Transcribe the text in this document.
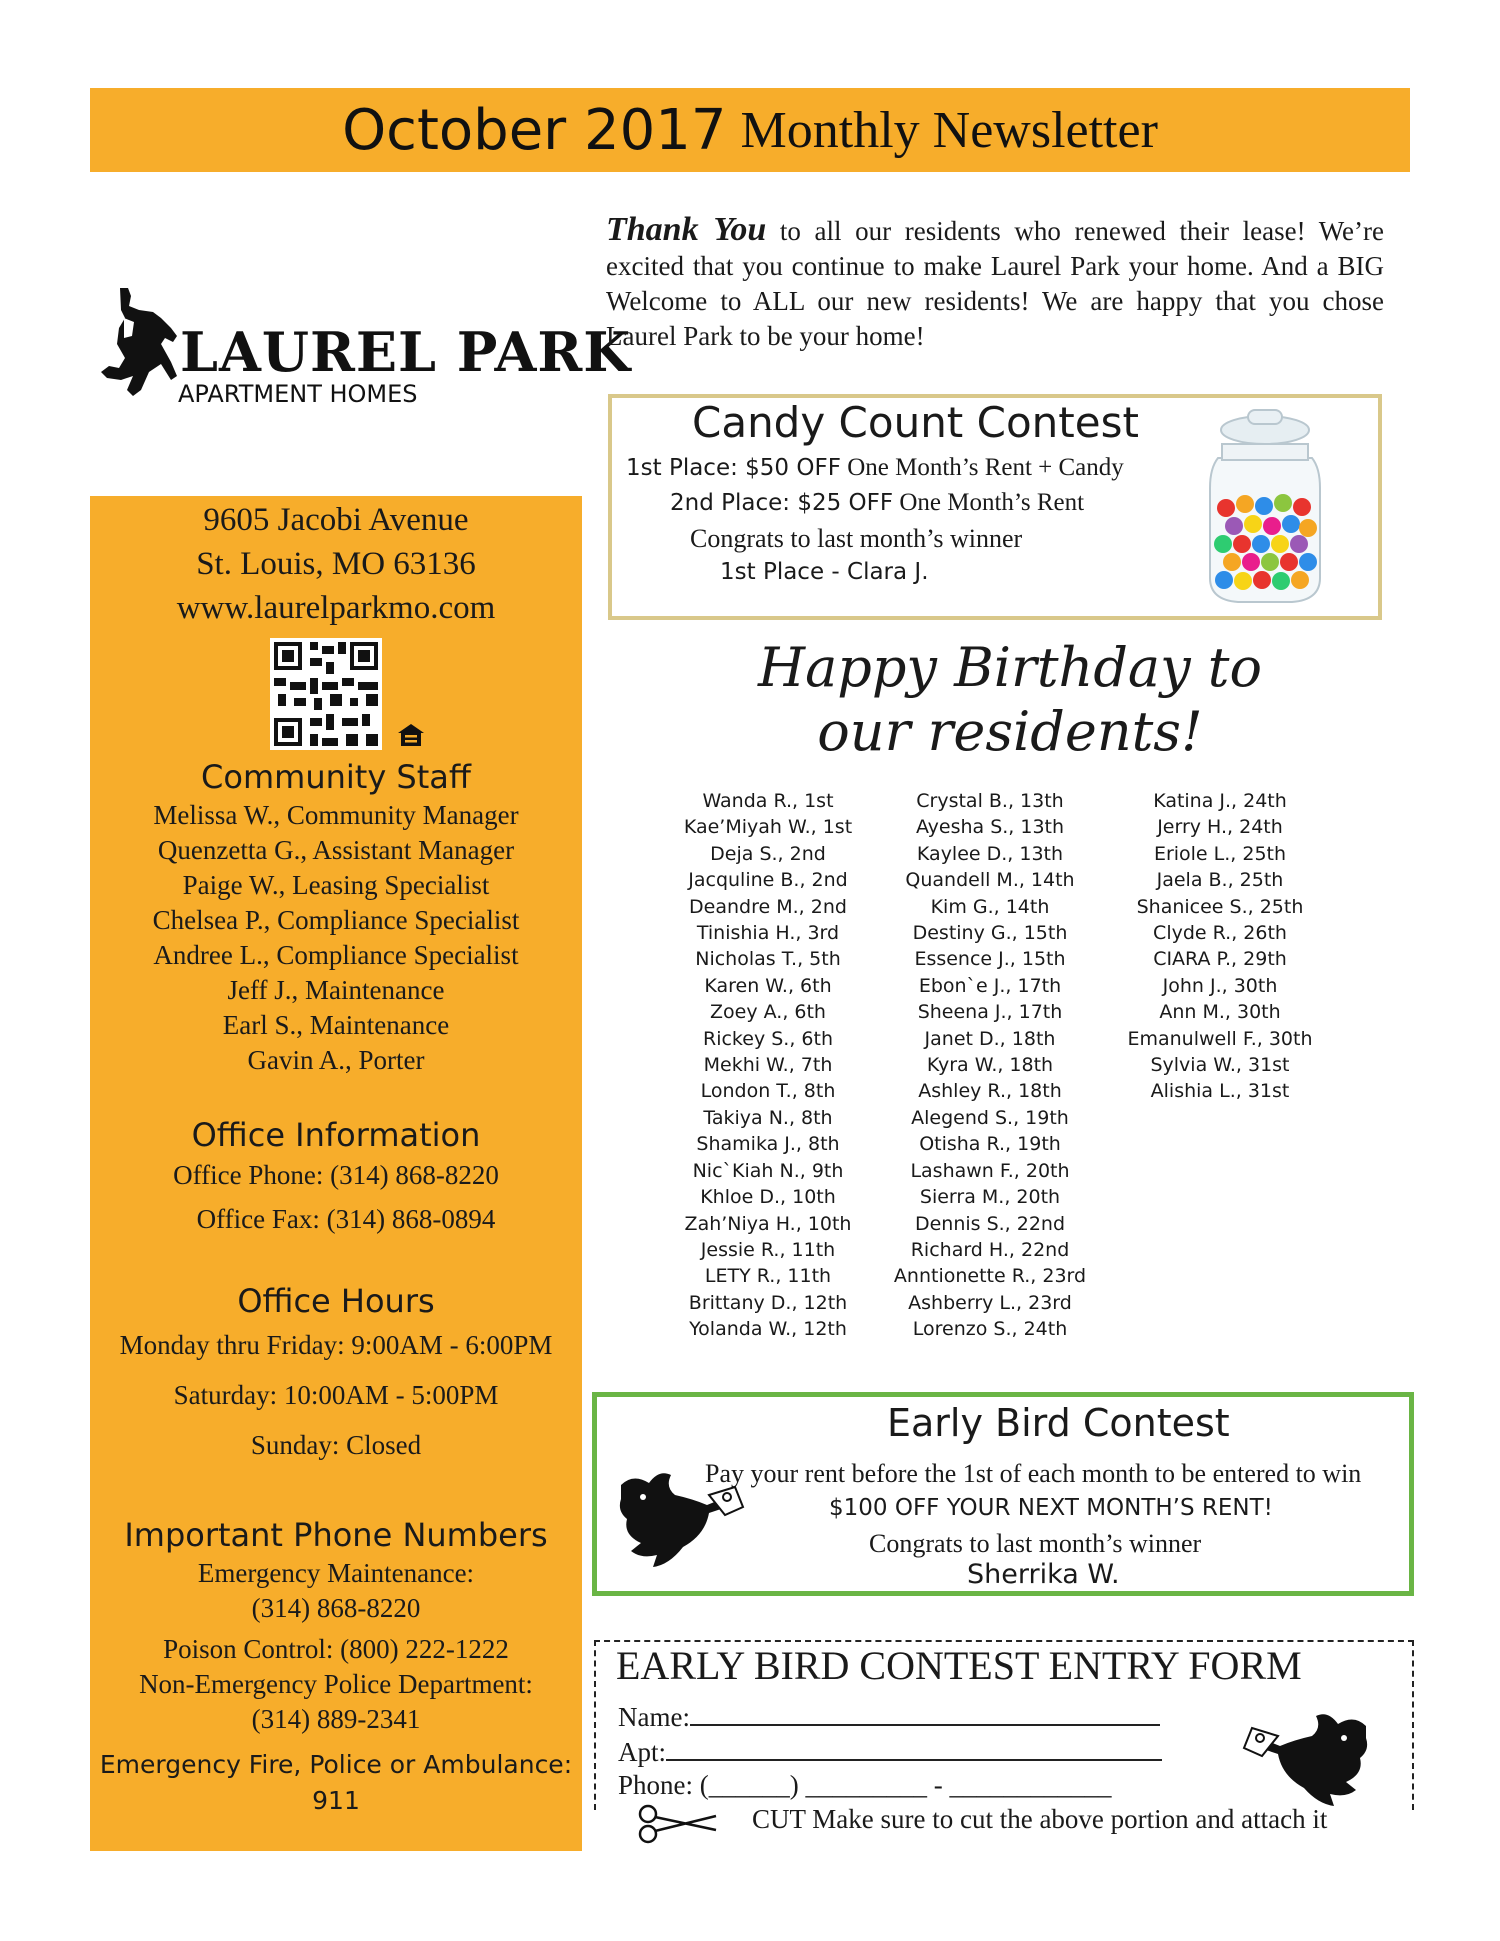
October 2017 Monthly Newsletter
LAUREL PARK
APARTMENT HOMES
9605 Jacobi Avenue
St. Louis, MO 63136
www.laurelparkmo.com
Community Staff
Melissa W., Community Manager
Quenzetta G., Assistant Manager
Paige W., Leasing Specialist
Chelsea P., Compliance Specialist
Andree L., Compliance Specialist
Jeff J., Maintenance
Earl S., Maintenance
Gavin A., Porter
Office Information
Office Phone: (314) 868-8220
Office Fax: (314) 868-0894
Office Hours
Monday thru Friday: 9:00AM - 6:00PM
Saturday: 10:00AM - 5:00PM
Sunday: Closed
Important Phone Numbers
Emergency Maintenance:
(314) 868-8220
Poison Control: (800) 222-1222
Non-Emergency Police Department:
(314) 889-2341
Emergency Fire, Police or Ambulance:
911
Thank You to all our residents who renewed their lease! We’re excited that you continue to make Laurel Park your home. And a BIG Welcome to ALL our new residents! We are happy that you chose Laurel Park to be your home!
Candy Count Contest
1st Place: $50 OFF One Month’s Rent + Candy
2nd Place: $25 OFF One Month’s Rent
Congrats to last month’s winner
1st Place - Clara J.
Happy Birthday to
our residents!
Wanda R., 1st
Kae’Miyah W., 1st
Deja S., 2nd
Jacquline B., 2nd
Deandre M., 2nd
Tinishia H., 3rd
Nicholas T., 5th
Karen W., 6th
Zoey A., 6th
Rickey S., 6th
Mekhi W., 7th
London T., 8th
Takiya N., 8th
Shamika J., 8th
Nic`Kiah N., 9th
Khloe D., 10th
Zah’Niya H., 10th
Jessie R., 11th
LETY R., 11th
Brittany D., 12th
Yolanda W., 12th
Crystal B., 13th
Ayesha S., 13th
Kaylee D., 13th
Quandell M., 14th
Kim G., 14th
Destiny G., 15th
Essence J., 15th
Ebon`e J., 17th
Sheena J., 17th
Janet D., 18th
Kyra W., 18th
Ashley R., 18th
Alegend S., 19th
Otisha R., 19th
Lashawn F., 20th
Sierra M., 20th
Dennis S., 22nd
Richard H., 22nd
Anntionette R., 23rd
Ashberry L., 23rd
Lorenzo S., 24th
Katina J., 24th
Jerry H., 24th
Eriole L., 25th
Jaela B., 25th
Shanicee S., 25th
Clyde R., 26th
CIARA P., 29th
John J., 30th
Ann M., 30th
Emanulwell F., 30th
Sylvia W., 31st
Alishia L., 31st
Early Bird Contest
Pay your rent before the 1st of each month to be entered to win
$100 OFF YOUR NEXT MONTH’S RENT!
Congrats to last month’s winner
Sherrika W.
EARLY BIRD CONTEST ENTRY FORM
Name:
Apt:
Phone: (______) _________ - ____________
CUT Make sure to cut the above portion and attach it
